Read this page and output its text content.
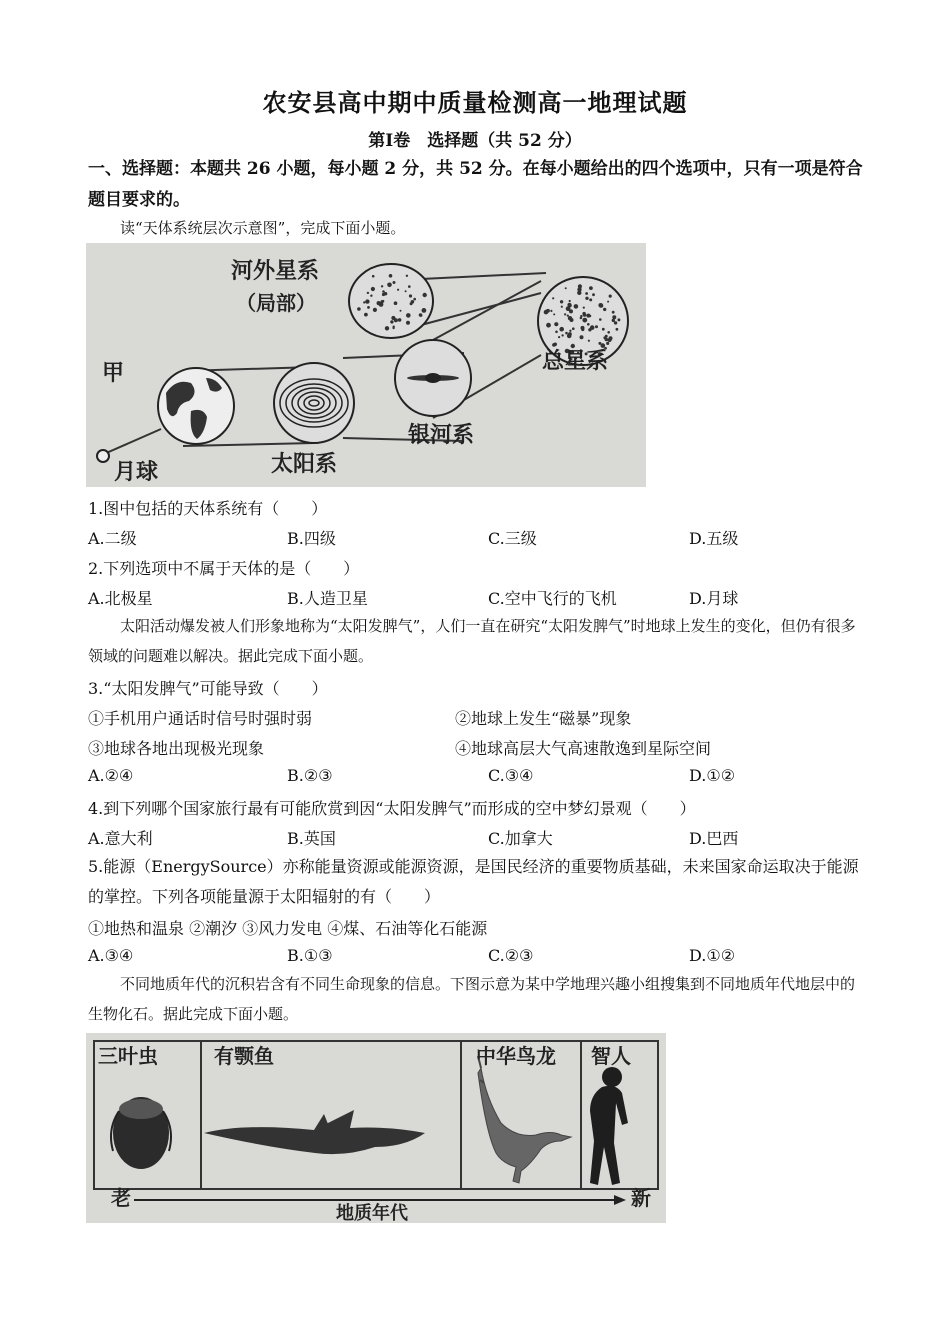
农安县高中期中质量检测高一地理试题
第Ⅰ卷　选择题（共 52 分）
一、选择题：本题共 26 小题，每小题 2 分，共 52 分。在每小题给出的四个选项中，只有一项是符合题目要求的。
读“天体系统层次示意图”，完成下面小题。
河外星系
（局部）
甲
月球	太阳系
银河系
总星系
1.图中包括的天体系统有（　　）
A.二级	B.四级	C.三级	D.五级
2.下列选项中不属于天体的是（　　）
A.北极星	B.人造卫星	C.空中飞行的飞机	D.月球
太阳活动爆发被人们形象地称为“太阳发脾气”，人们一直在研究“太阳发脾气”时地球上发生的变化，但仍有很多领域的问题难以解决。据此完成下面小题。
3.“太阳发脾气”可能导致（　　）
①手机用户通话时信号时强时弱	②地球上发生“磁暴”现象
③地球各地出现极光现象	④地球高层大气高速散逸到星际空间
A.②④	B.②③	C.③④	D.①②
4.到下列哪个国家旅行最有可能欣赏到因“太阳发脾气”而形成的空中梦幻景观（　　）
A.意大利	B.英国	C.加拿大	D.巴西
5.能源（EnergySource）亦称能量资源或能源资源，是国民经济的重要物质基础，未来国家命运取决于能源的掌控。下列各项能量源于太阳辐射的有（　　）
①地热和温泉 ②潮汐 ③风力发电 ④煤、石油等化石能源
A.③④	B.①③	C.②③	D.①②
不同地质年代的沉积岩含有不同生命现象的信息。下图示意为某中学地理兴趣小组搜集到不同地质年代地层中的生物化石。据此完成下面小题。
三叶虫	有颚鱼	中华鸟龙 智人
老	新
地质年代
